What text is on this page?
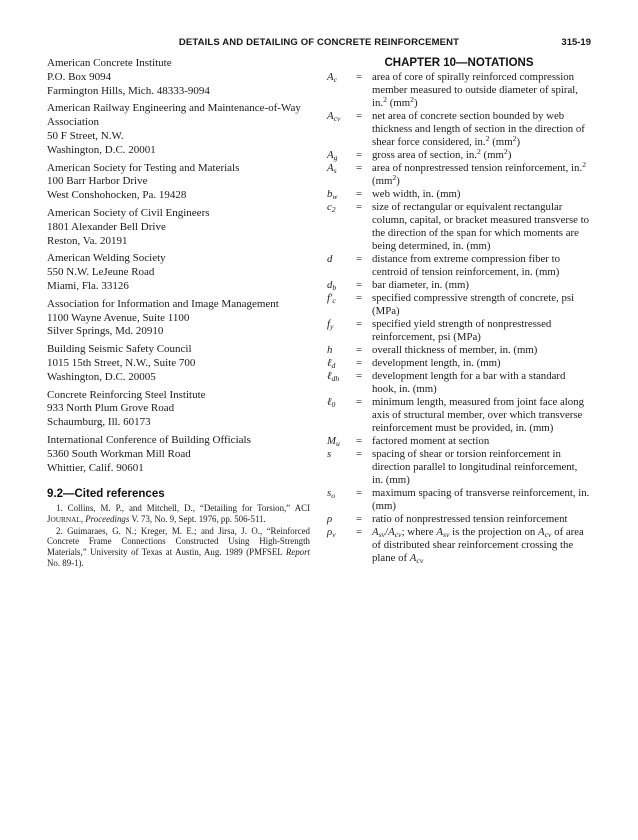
DETAILS AND DETAILING OF CONCRETE REINFORCEMENT	315-19
American Concrete Institute
P.O. Box 9094
Farmington Hills, Mich. 48333-9094
American Railway Engineering and Maintenance-of-Way
Association
50 F Street, N.W.
Washington, D.C. 20001
American Society for Testing and Materials
100 Barr Harbor Drive
West Conshohocken, Pa. 19428
American Society of Civil Engineers
1801 Alexander Bell Drive
Reston, Va. 20191
American Welding Society
550 N.W. LeJeune Road
Miami, Fla. 33126
Association for Information and Image Management
1100 Wayne Avenue, Suite 1100
Silver Springs, Md. 20910
Building Seismic Safety Council
1015 15th Street, N.W., Suite 700
Washington, D.C. 20005
Concrete Reinforcing Steel Institute
933 North Plum Grove Road
Schaumburg, Ill. 60173
International Conference of Building Officials
5360 South Workman Mill Road
Whittier, Calif. 90601
9.2—Cited references

1. Collins, M. P., and Mitchell, D., “Detailing for Torsion,” ACI JOURNAL, Proceedings V. 73, No. 9, Sept. 1976, pp. 506-511.

2. Guimaraes, G. N.; Kreger, M. E.; and Jirsa, J. O., “Reinforced Concrete Frame Connections Constructed Using High-Strength Materials,” University of Texas at Austin, Aug. 1989 (PMFSEL Report No. 89-1).

CHAPTER 10—NOTATIONS
$A_c$	= area of core of spirally reinforced compression member measured to outside diameter of spiral, in.$^2$ $(mm^2)$
$A_{cv}$	= net area of concrete section bounded by web thickness and length of section in the direction of shear force considered, in.$^2$ $(mm^2)$
$A_g$	= gross area of section, in.$^2$ $(mm^2)$
$A_s$	= area of nonprestressed tension reinforcement, in.$^2$ $(mm^2)$
$b_w$	= web width, in. (mm)
$c_2$	= size of rectangular or equivalent rectangular column, capital, or bracket measured transverse to the direction of the span for which moments are being determined, in. (mm)
d	= distance from extreme compression fiber to centroid of tension reinforcement, in. (mm)
$d_b$	= bar diameter, in. (mm)
$f'_c$	= specified compressive strength of concrete, psi (MPa)
$f_y$	= specified yield strength of nonprestressed reinforcement, psi (MPa)
h	= overall thickness of member, in. (mm)
ℓ$_d$	= development length, in. (mm)
ℓ$_{dh}$	= development length for a bar with a standard hook, in. (mm)
ℓ$_0$	= minimum length, measured from joint face along axis of structural member, over which transverse reinforcement must be provided, in. (mm)
$M_u$	= factored moment at section
s	= spacing of shear or torsion reinforcement in direction parallel to longitudinal reinforcement, in. (mm)
$s_o$	= maximum spacing of transverse reinforcement, in. (mm)
ρ	= ratio of nonprestressed tension reinforcement
$\rho_v$	= $A_{sv}/A_{cv}$; where $A_{sv}$ is the projection on $A_{cv}$ of area of distributed shear reinforcement crossing the plane of $A_{cv}$
